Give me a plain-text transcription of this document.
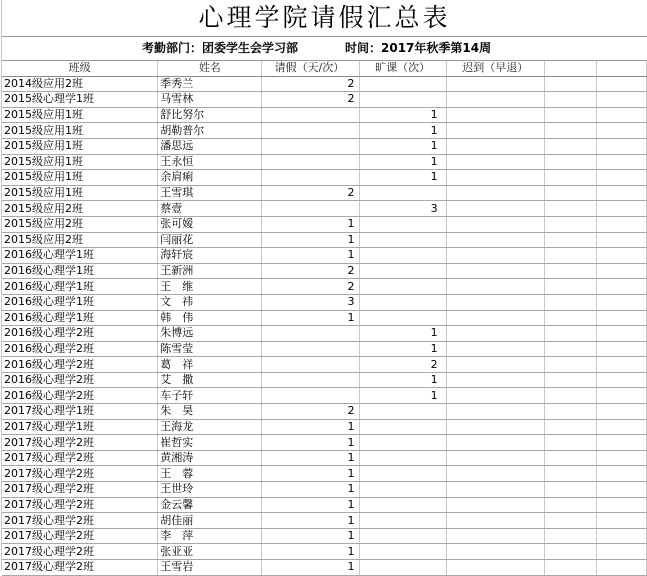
心理学院请假汇总表
考勤部门：团委学生会学习部	时间：2017年秋季第14周
班级	姓名	请假（天/次）	旷课（次）	迟到（早退）		
2014级应用2班	季秀兰	2				
2015级心理学1班	马雪林	2				
2015级应用1班	舒比努尔		1			
2015级应用1班	胡勒普尔		1			
2015级应用1班	潘思远		1			
2015级应用1班	王永恒		1			
2015级应用1班	余肩痢		1			
2015级应用1班	王雪琪	2				
2015级应用2班	蔡壹		3			
2015级应用2班	张可嫒	1				
2015级应用2班	闫丽花	1				
2016级心理学1班	海轩宸	1				
2016级心理学1班	王新洲	2				
2016级心理学1班	王　维	2				
2016级心理学1班	文　祎	3				
2016级心理学1班	韩　伟	1				
2016级心理学2班	朱博远		1			
2016级心理学2班	陈雪莹		1			
2016级心理学2班	葛　祥		2			
2016级心理学2班	艾　撒		1			
2016级心理学2班	车子轩		1			
2017级心理学1班	朱　昊	2				
2017级心理学1班	王海龙	1				
2017级心理学2班	崔哲实	1				
2017级心理学2班	黄湘涛	1				
2017级心理学2班	王　蓉	1				
2017级心理学2班	王世玲	1				
2017级心理学2班	金云馨	1				
2017级心理学2班	胡佳丽	1				
2017级心理学2班	李　萍	1				
2017级心理学2班	张亚亚	1				
2017级心理学2班	王雪岩	1				
